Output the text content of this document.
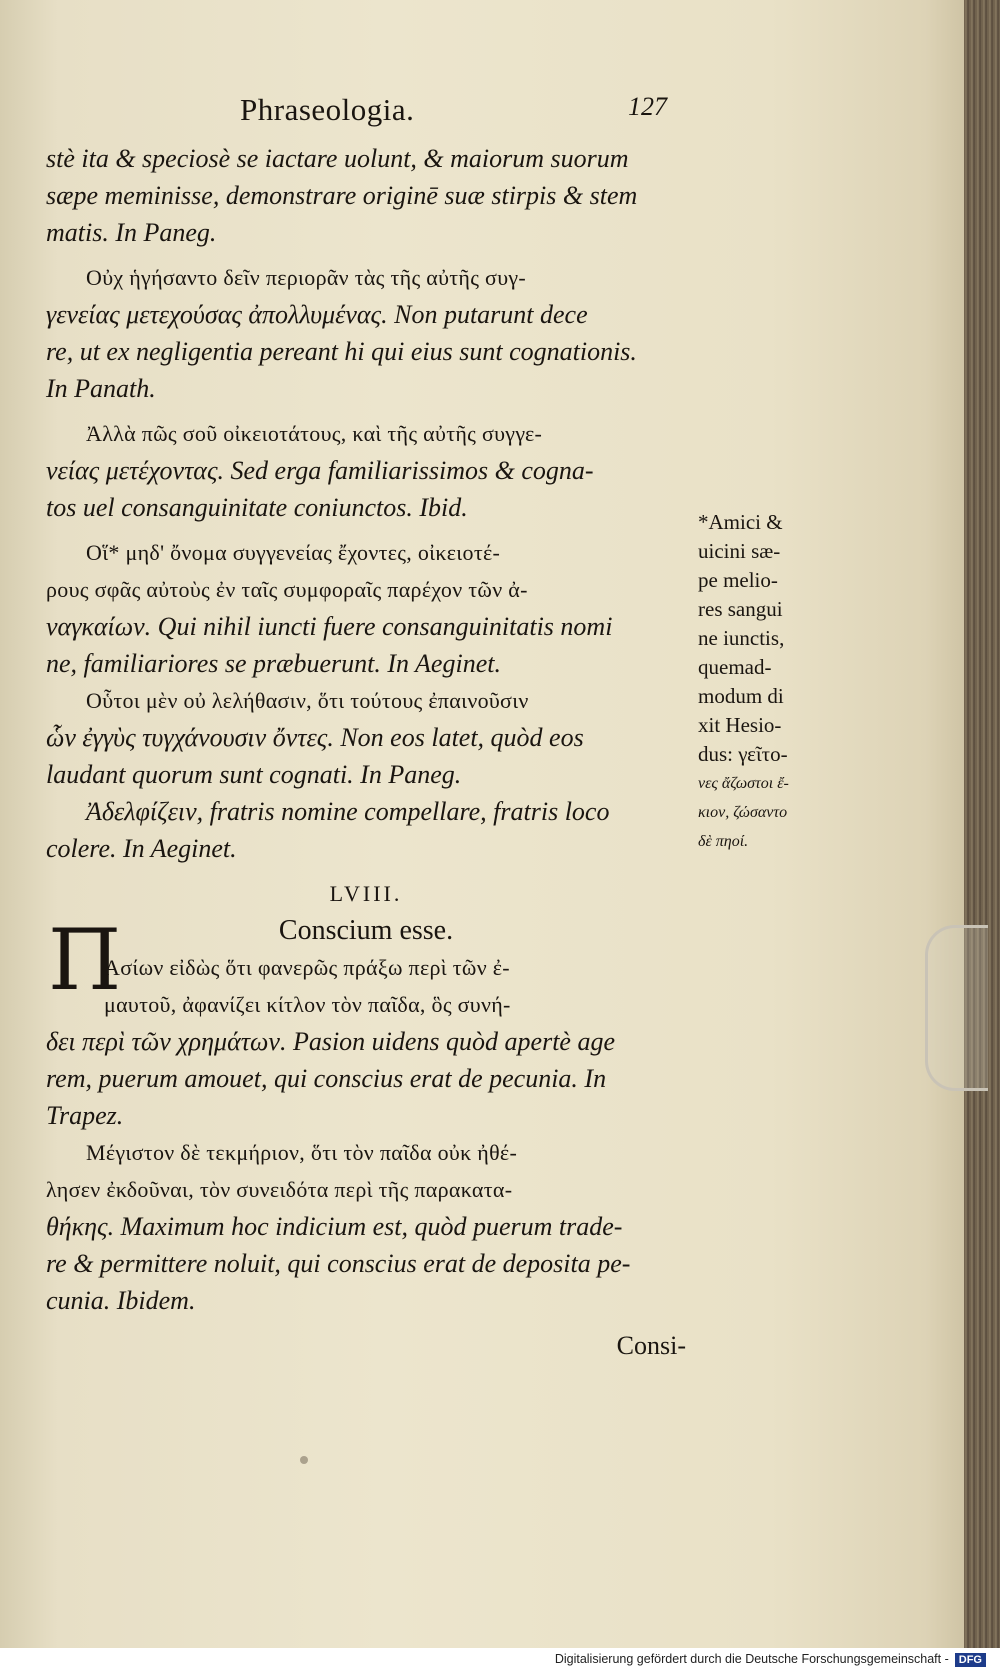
Phraseologia.	127
stè ita & speciosè se iactare uolunt, & maiorum suorum
sæpe meminisse, demonstrare originē suæ stirpis & stem
matis. In Paneg.
Οὐχ ἡγήσαντο δεῖν περιορᾶν τὰς τῆς αὐτῆς συγ-
γενείας μετεχούσας ἀπολλυμένας. Non putarunt dece
re, ut ex negligentia pereant hi qui eius sunt cognationis.
In Panath.
Ἀλλὰ πῶς σοῦ οἰκειοτάτους, καὶ τῆς αὐτῆς συγγε-
νείας μετέχοντας. Sed erga familiarissimos & cogna-
tos uel consanguinitate coniunctos. Ibid.
Οἵ* μηδ' ὄνομα συγγενείας ἔχοντες, οἰκειοτέ-
ρους σφᾶς αὐτοὺς ἐν ταῖς συμφοραῖς παρέχον τῶν ἀ-
ναγκαίων. Qui nihil iuncti fuere consanguinitatis nomi
ne, familiariores se præbuerunt. In Aeginet.
Οὗτοι μὲν οὐ λελήθασιν, ὅτι τούτους ἐπαινοῦσιν
ὧν ἐγγὺς τυγχάνουσιν ὄντες. Non eos latet, quòd eos
laudant quorum sunt cognati. In Paneg.
Ἀδελφίζειν, fratris nomine compellare, fratris loco
colere. In Aeginet.
LVIII.
Conscium esse.
Ασίων εἰδὼς ὅτι φανερῶς πράξω περὶ τῶν ἐ-
μαυτοῦ, ἀφανίζει κίτλον τὸν παῖδα, ὃς συνή-
δει περὶ τῶν χρημάτων. Pasion uidens quòd apertè age
rem, puerum amouet, qui conscius erat de pecunia. In
Trapez.
Μέγιστον δὲ τεκμήριον, ὅτι τὸν παῖδα οὐκ ἠθέ-
λησεν ἐκδοῦναι, τὸν συνειδότα περὶ τῆς παρακατα-
θήκης. Maximum hoc indicium est, quòd puerum trade-
re & permittere noluit, qui conscius erat de deposita pe-
cunia. Ibidem.
Consi-
Π
*Amici &
uicini sæ-
pe melio-
res sangui
ne iunctis,
quemad-
modum di
xit Hesio-
dus: γεῖτο-
νες ἄζωστοι ἔ-
κιον, ζώσαντο
δὲ πηοί.
Digitalisierung gefördert durch die Deutsche Forschungsgemeinschaft - DFG
